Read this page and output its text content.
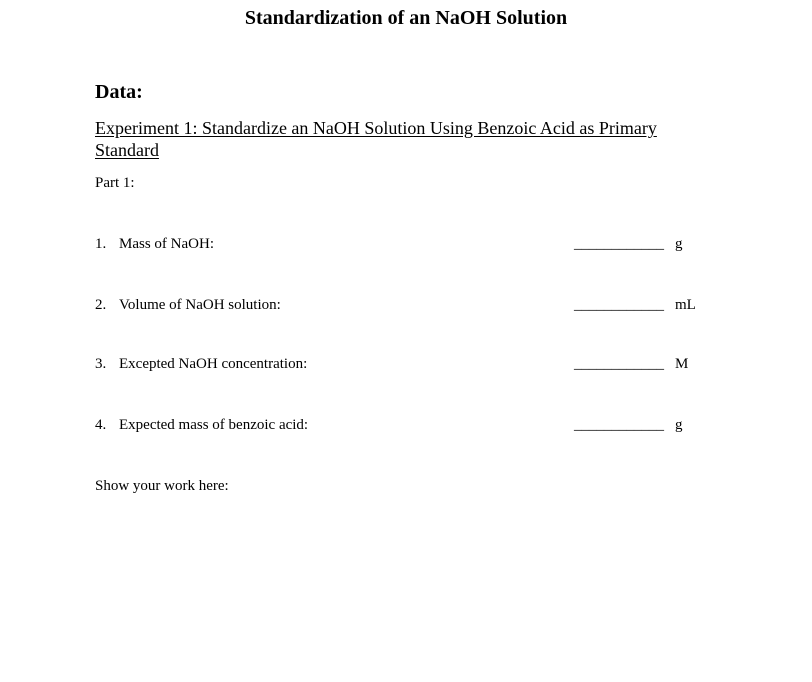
Standardization of an NaOH Solution
Data:
Experiment 1: Standardize an NaOH Solution Using Benzoic Acid as Primary Standard
Part 1:
1. Mass of NaOH:	____________ g
2. Volume of NaOH solution:	____________ mL
3. Excepted NaOH concentration:	____________ M
4. Expected mass of benzoic acid:	____________ g
Show your work here:
